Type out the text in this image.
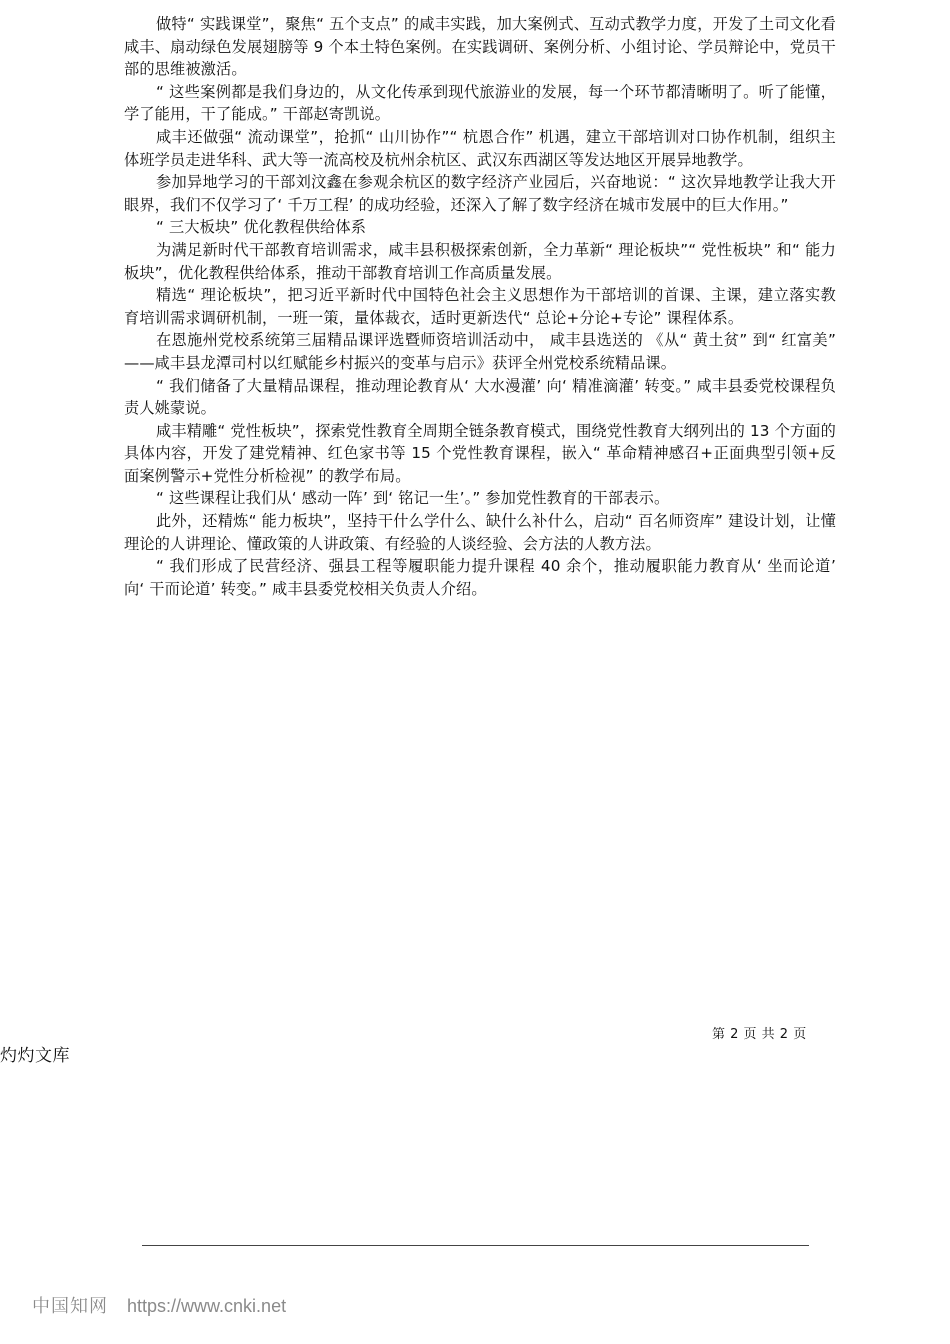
做特“ 实践课堂”，聚焦“ 五个支点” 的咸丰实践，加大案例式、互动式教学力度，开发了土司文化看咸丰、扇动绿色发展翅膀等 9 个本土特色案例。在实践调研、案例分析、小组讨论、学员辩论中，党员干部的思维被激活。

“ 这些案例都是我们身边的，从文化传承到现代旅游业的发展，每一个环节都清晰明了。听了能懂，学了能用，干了能成。” 干部赵寄凯说。

咸丰还做强“ 流动课堂”，抢抓“ 山川协作”“ 杭恩合作” 机遇，建立干部培训对口协作机制，组织主体班学员走进华科、武大等一流高校及杭州余杭区、武汉东西湖区等发达地区开展异地教学。

参加异地学习的干部刘汶鑫在参观余杭区的数字经济产业园后，兴奋地说：“ 这次异地教学让我大开眼界，我们不仅学习了‘ 千万工程’ 的成功经验，还深入了解了数字经济在城市发展中的巨大作用。”

“ 三大板块” 优化教程供给体系

为满足新时代干部教育培训需求，咸丰县积极探索创新，全力革新“ 理论板块”“ 党性板块” 和“ 能力板块”，优化教程供给体系，推动干部教育培训工作高质量发展。

精选“ 理论板块”，把习近平新时代中国特色社会主义思想作为干部培训的首课、主课，建立落实教育培训需求调研机制，一班一策，量体裁衣，适时更新迭代“ 总论+分论+专论” 课程体系。

在恩施州党校系统第三届精品课评选暨师资培训活动中， 咸丰县选送的 《从“ 黄土贫” 到“ 红富美” ——咸丰县龙潭司村以红赋能乡村振兴的变革与启示》获评全州党校系统精品课。

“ 我们储备了大量精品课程，推动理论教育从‘ 大水漫灌’ 向‘ 精准滴灌’ 转变。” 咸丰县委党校课程负责人姚蒙说。

咸丰精雕“ 党性板块”，探索党性教育全周期全链条教育模式，围绕党性教育大纲列出的 13 个方面的具体内容，开发了建党精神、红色家书等 15 个党性教育课程，嵌入“ 革命精神感召+正面典型引领+反面案例警示+党性分析检视” 的教学布局。

“ 这些课程让我们从‘ 感动一阵’ 到‘ 铭记一生’。” 参加党性教育的干部表示。

此外，还精炼“ 能力板块”，坚持干什么学什么、缺什么补什么，启动“ 百名师资库” 建设计划，让懂理论的人讲理论、懂政策的人讲政策、有经验的人谈经验、会方法的人教方法。

“ 我们形成了民营经济、强县工程等履职能力提升课程 40 余个，推动履职能力教育从‘ 坐而论道’ 向‘ 干而论道’ 转变。” 咸丰县委党校相关负责人介绍。

第 2 页 共 2 页
灼灼文库
中国知网 https://www.cnki.net
